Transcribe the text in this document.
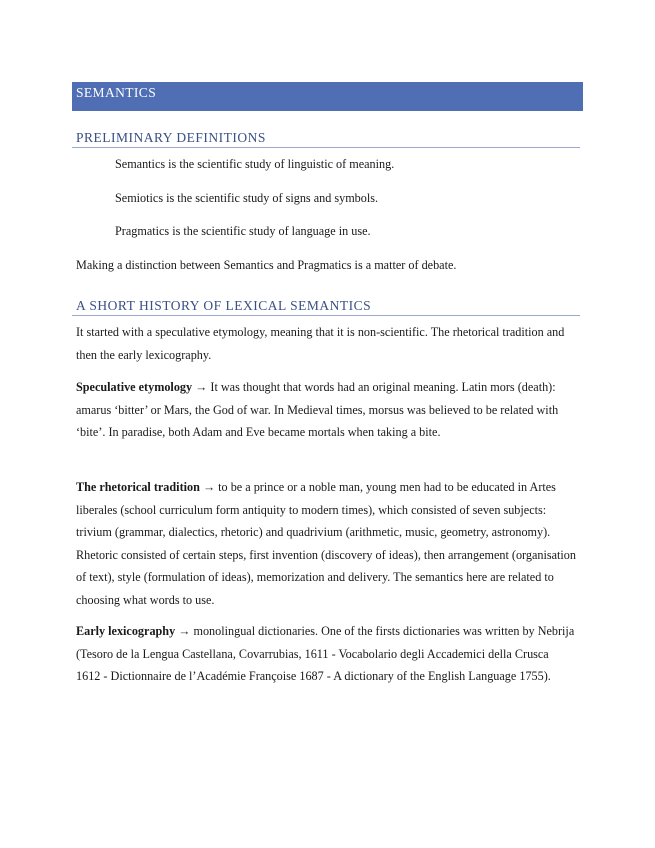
SEMANTICS
PRELIMINARY DEFINITIONS

Semantics is the scientific study of linguistic of meaning.

Semiotics is the scientific study of signs and symbols.

Pragmatics is the scientific study of language in use.

Making a distinction between Semantics and Pragmatics is a matter of debate.

A SHORT HISTORY OF LEXICAL SEMANTICS

It started with a speculative etymology, meaning that it is non-scientific. The rhetorical tradition and then the early lexicography.

Speculative etymology → It was thought that words had an original meaning. Latin mors (death): amarus ‘bitter’ or Mars, the God of war. In Medieval times, morsus was believed to be related with ‘bite’. In paradise, both Adam and Eve became mortals when taking a bite.

The rhetorical tradition → to be a prince or a noble man, young men had to be educated in Artes liberales (school curriculum form antiquity to modern times), which consisted of seven subjects: trivium (grammar, dialectics, rhetoric) and quadrivium (arithmetic, music, geometry, astronomy). Rhetoric consisted of certain steps, first invention (discovery of ideas), then arrangement (organisation of text), style (formulation of ideas), memorization and delivery. The semantics here are related to choosing what words to use.

Early lexicography → monolingual dictionaries. One of the firsts dictionaries was written by Nebrija (Tesoro de la Lengua Castellana, Covarrubias, 1611 - Vocabolario degli Accademici della Crusca 1612 - Dictionnaire de l’Académie Françoise 1687 - A dictionary of the English Language 1755).
